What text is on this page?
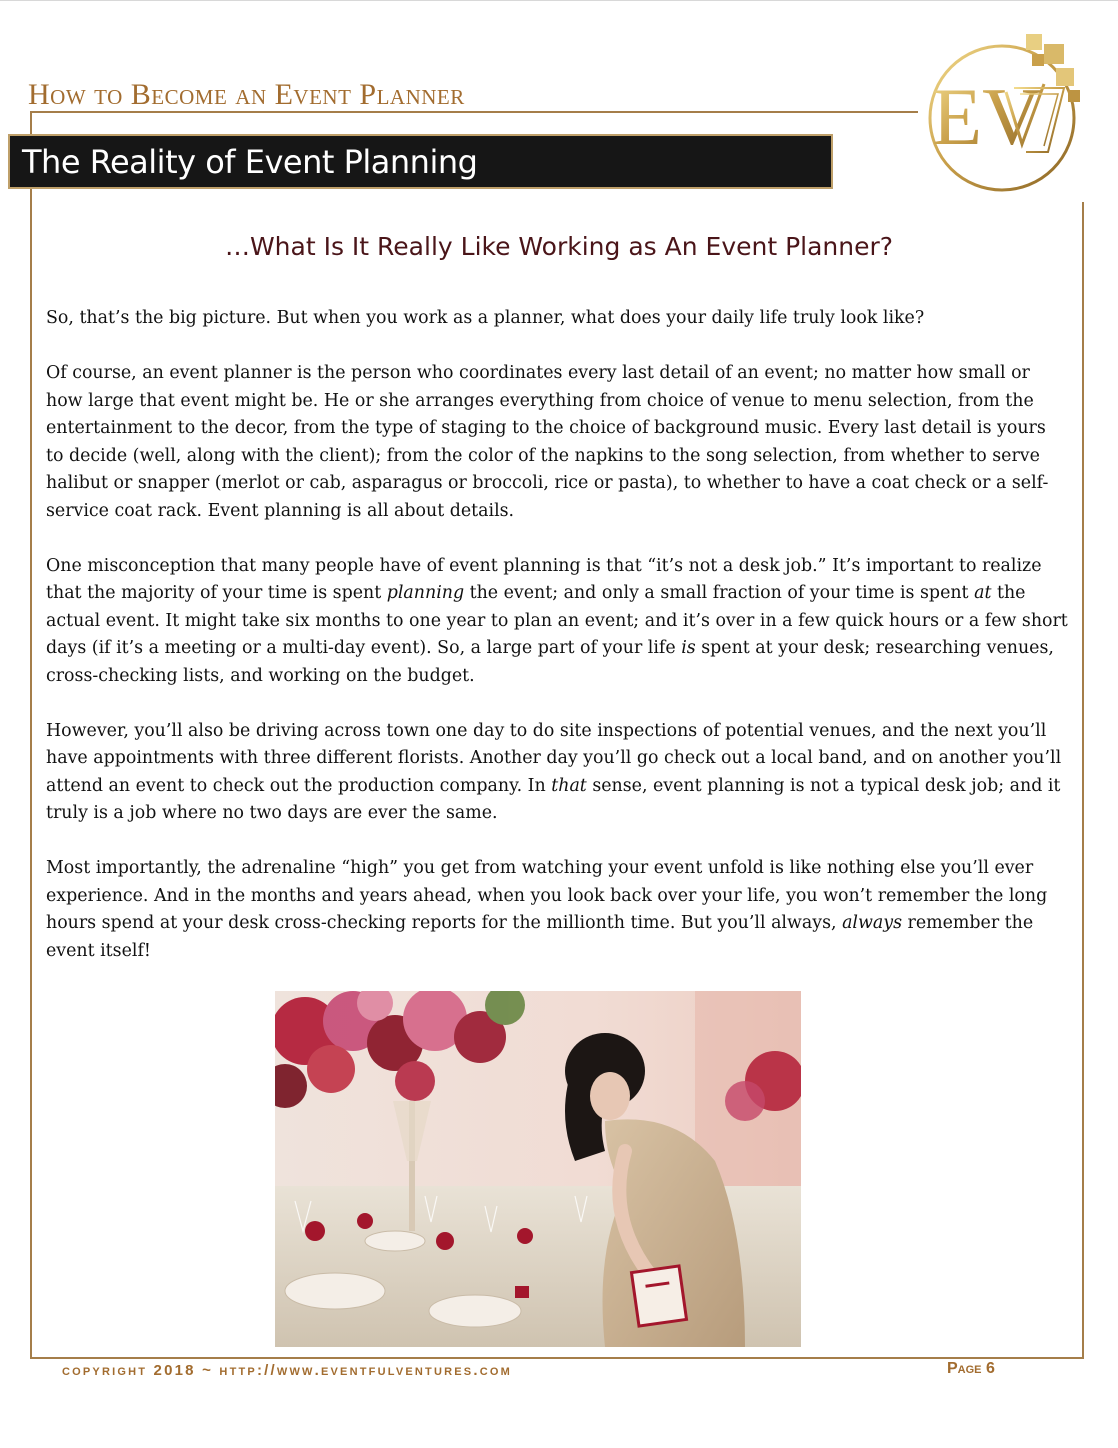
How to Become an Event Planner
The Reality of Event Planning	EV
…What Is It Really Like Working as An Event Planner?

So, that’s the big picture. But when you work as a planner, what does your daily life truly look like?

Of course, an event planner is the person who coordinates every last detail of an event; no matter how small or how large that event might be. He or she arranges everything from choice of venue to menu selection, from the entertainment to the decor, from the type of staging to the choice of background music. Every last detail is yours to decide (well, along with the client); from the color of the napkins to the song selection, from whether to serve halibut or snapper (merlot or cab, asparagus or broccoli, rice or pasta), to whether to have a coat check or a self-service coat rack. Event planning is all about details.

One misconception that many people have of event planning is that “it’s not a desk job.” It’s important to realize that the majority of your time is spent planning the event; and only a small fraction of your time is spent at the actual event. It might take six months to one year to plan an event; and it’s over in a few quick hours or a few short days (if it’s a meeting or a multi-day event). So, a large part of your life is spent at your desk; researching venues, cross-checking lists, and working on the budget.

However, you’ll also be driving across town one day to do site inspections of potential venues, and the next you’ll have appointments with three different florists. Another day you’ll go check out a local band, and on another you’ll attend an event to check out the production company. In that sense, event planning is not a typical desk job; and it truly is a job where no two days are ever the same.

Most importantly, the adrenaline “high” you get from watching your event unfold is like nothing else you’ll ever experience. And in the months and years ahead, when you look back over your life, you won’t remember the long hours spend at your desk cross-checking reports for the millionth time. But you’ll always, always remember the event itself!

copyright 2018 ~ http://www.eventfulventures.com	Page 6
